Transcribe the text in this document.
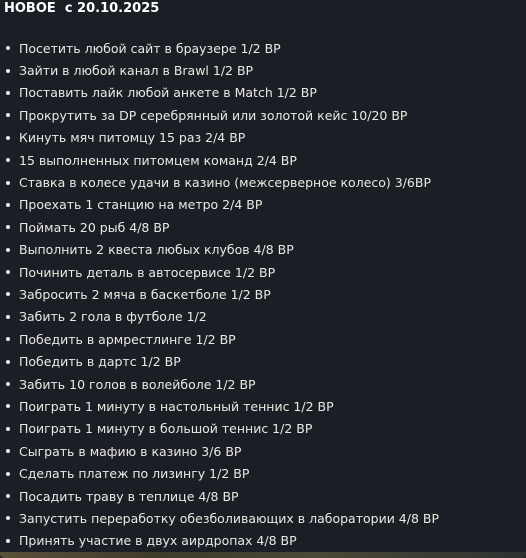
НОВОЕ  с 20.10.2025
Посетить любой сайт в браузере 1/2 BP
Зайти в любой канал в Brawl 1/2 BP
Поставить лайк любой анкете в Match 1/2 BP
Прокрутить за DP серебрянный или золотой кейс 10/20 BP
Кинуть мяч питомцу 15 раз 2/4 BP
15 выполненных питомцем команд 2/4 BP
Ставка в колесе удачи в казино (межсерверное колесо) 3/6BP
Проехать 1 станцию на метро 2/4 BP
Поймать 20 рыб 4/8 BP
Выполнить 2 квеста любых клубов 4/8 BP
Починить деталь в автосервисе 1/2 BP
Забросить 2 мяча в баскетболе 1/2 BP
Забить 2 гола в футболе 1/2
Победить в армрестлинге 1/2 BP
Победить в дартс 1/2 BP
Забить 10 голов в волейболе 1/2 BP
Поиграть 1 минуту в настольный теннис 1/2 BP
Поиграть 1 минуту в большой теннис 1/2 BP
Сыграть в мафию в казино 3/6 BP
Сделать платеж по лизингу 1/2 BP
Посадить траву в теплице 4/8 BP
Запустить переработку обезболивающих в лаборатории 4/8 BP
Принять участие в двух аирдропах 4/8 BP
